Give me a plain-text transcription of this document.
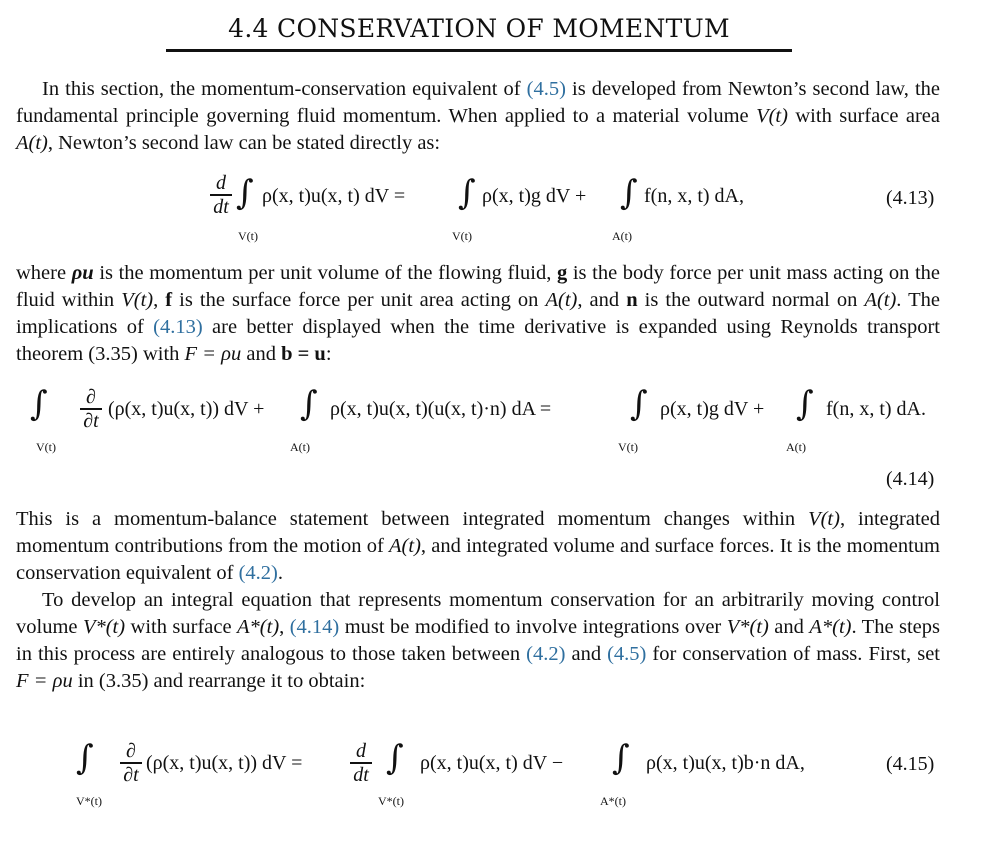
4.4 CONSERVATION OF MOMENTUM

In this section, the momentum-conservation equivalent of (4.5) is developed from Newton’s second law, the fundamental principle governing fluid momentum. When applied to a material volume V(t) with surface area A(t), Newton’s second law can be stated directly as:

d
dt ∫ ρ(x, t)u(x, t) dV =
V(t)
∫ ρ(x, t)g dV +
V(t)
∫ f(n, x, t) dA,
A(t)
(4.13)

where ρu is the momentum per unit volume of the flowing fluid, g is the body force per unit mass acting on the fluid within V(t), f is the surface force per unit area acting on A(t), and n is the outward normal on A(t). The implications of (4.13) are better displayed when the time derivative is expanded using Reynolds transport theorem (3.35) with F = ρu and b = u:

∫	∂
∂t
(ρ(x, t)u(x, t)) dV +
V(t)
∫ ρ(x, t)u(x, t)(u(x, t)·n) dA =
A(t)
∫ ρ(x, t)g dV +
V(t)
∫ f(n, x, t) dA.
A(t)
(4.14)

This is a momentum-balance statement between integrated momentum changes within V(t), integrated momentum contributions from the motion of A(t), and integrated volume and surface forces. It is the momentum conservation equivalent of (4.2).

To develop an integral equation that represents momentum conservation for an arbitrarily moving control volume V*(t) with surface A*(t), (4.14) must be modified to involve integrations over V*(t) and A*(t). The steps in this process are entirely analogous to those taken between (4.2) and (4.5) for conservation of mass. First, set F = ρu in (3.35) and rearrange it to obtain:

∫	∂
∂t
(ρ(x, t)u(x, t)) dV =
V*(t)
d
dt ∫ ρ(x, t)u(x, t) dV −
V*(t)
∫ ρ(x, t)u(x, t)b·n dA,
A*(t)
(4.15)
